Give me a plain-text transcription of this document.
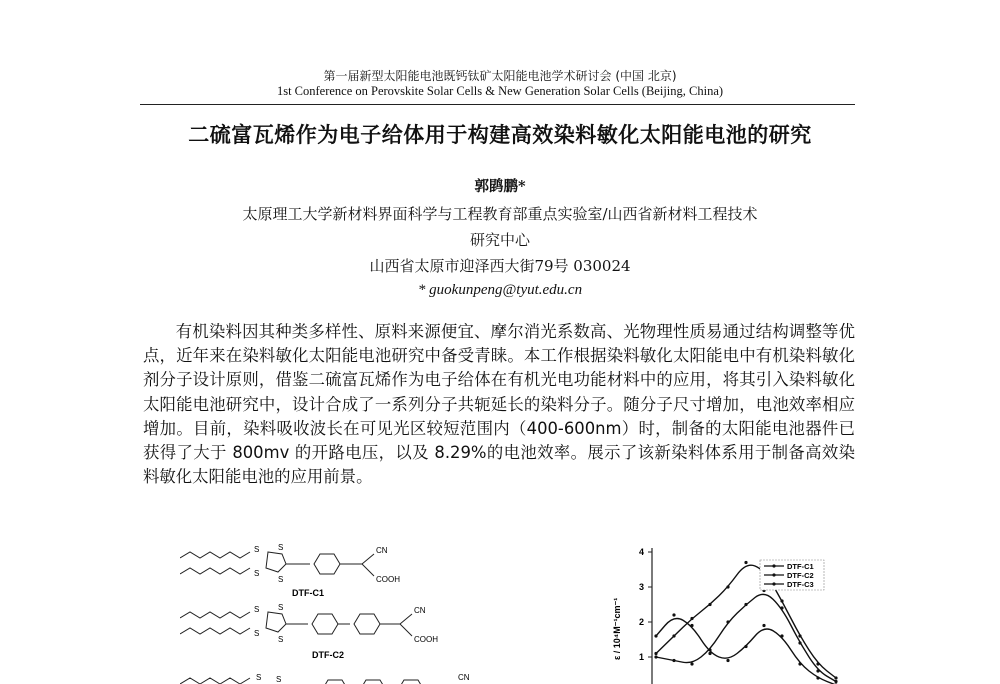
第一届新型太阳能电池既钙钛矿太阳能电池学术研讨会 (中国 北京)
1st Conference on Perovskite Solar Cells & New Generation Solar Cells (Beijing, China)
二硫富瓦烯作为电子给体用于构建高效染料敏化太阳能电池的研究
郭鹍鹏*
太原理工大学新材料界面科学与工程教育部重点实验室/山西省新材料工程技术
研究中心
山西省太原市迎泽西大街79号 030024
* guokunpeng@tyut.edu.cn

有机染料因其种类多样性、原料来源便宜、摩尔消光系数高、光物理性质易通过结构调整等优点，近年来在染料敏化太阳能电池研究中备受青睐。本工作根据染料敏化太阳能电中有机染料敏化剂分子设计原则，借鉴二硫富瓦烯作为电子给体在有机光电功能材料中的应用，将其引入染料敏化太阳能电池研究中，设计合成了一系列分子共轭延长的染料分子。随分子尺寸增加，电池效率相应增加。目前，染料吸收波长在可见光区较短范围内（400-600nm）时，制备的太阳能电池器件已获得了大于 800mv 的开路电压，以及 8.29%的电池效率。展示了该新染料体系用于制备高效染料敏化太阳能电池的应用前景。

S
S
S
S
CN
COOH
DTF-C1
S
S
S
S
CN
COOH
DTF-C2
S S	CN
4
3
2
1
ε / 10⁴M⁻¹cm⁻¹
DTF-C1
DTF-C2
DTF-C3
